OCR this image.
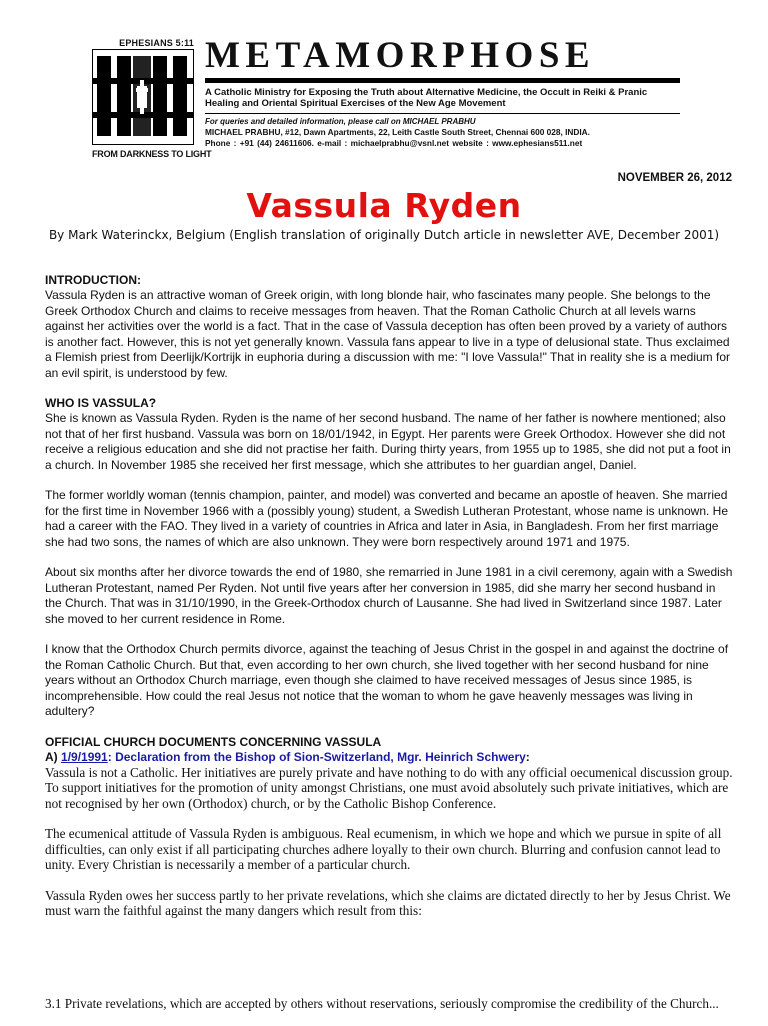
EPHESIANS 5:11
FROM DARKNESS TO LIGHT
METAMORPHOSE
A Catholic Ministry for Exposing the Truth about Alternative Medicine, the Occult in Reiki & Pranic Healing and Oriental Spiritual Exercises of the New Age Movement
For queries and detailed information, please call on MICHAEL PRABHU
MICHAEL PRABHU, #12, Dawn Apartments, 22, Leith Castle South Street, Chennai 600 028, INDIA.
Phone : +91 (44) 24611606. e-mail : michaelprabhu@vsnl.net website : www.ephesians511.net
NOVEMBER 26, 2012
Vassula Ryden
By Mark Waterinckx, Belgium (English translation of originally Dutch article in newsletter AVE, December 2001)
INTRODUCTION:

Vassula Ryden is an attractive woman of Greek origin, with long blonde hair, who fascinates many people. She belongs to the Greek Orthodox Church and claims to receive messages from heaven. That the Roman Catholic Church at all levels warns against her activities over the world is a fact. That in the case of Vassula deception has often been proved by a variety of authors is another fact. However, this is not yet generally known. Vassula fans appear to live in a type of delusional state. Thus exclaimed a Flemish priest from Deerlijk/Kortrijk in euphoria during a discussion with me: "I love Vassula!" That in reality she is a medium for an evil spirit, is understood by few.

WHO IS VASSULA?

She is known as Vassula Ryden. Ryden is the name of her second husband. The name of her father is nowhere mentioned; also not that of her first husband. Vassula was born on 18/01/1942, in Egypt. Her parents were Greek Orthodox. However she did not receive a religious education and she did not practise her faith. During thirty years, from 1955 up to 1985, she did not put a foot in a church. In November 1985 she received her first message, which she attributes to her guardian angel, Daniel.

The former worldly woman (tennis champion, painter, and model) was converted and became an apostle of heaven. She married for the first time in November 1966 with a (possibly young) student, a Swedish Lutheran Protestant, whose name is unknown. He had a career with the FAO. They lived in a variety of countries in Africa and later in Asia, in Bangladesh. From her first marriage she had two sons, the names of which are also unknown. They were born respectively around 1971 and 1975.

About six months after her divorce towards the end of 1980, she remarried in June 1981 in a civil ceremony, again with a Swedish Lutheran Protestant, named Per Ryden. Not until five years after her conversion in 1985, did she marry her second husband in the Church. That was in 31/10/1990, in the Greek-Orthodox church of Lausanne. She had lived in Switzerland since 1987. Later she moved to her current residence in Rome.

I know that the Orthodox Church permits divorce, against the teaching of Jesus Christ in the gospel in and against the doctrine of the Roman Catholic Church. But that, even according to her own church, she lived together with her second husband for nine years without an Orthodox Church marriage, even though she claimed to have received messages of Jesus since 1985, is incomprehensible. How could the real Jesus not notice that the woman to whom he gave heavenly messages was living in adultery?

OFFICIAL CHURCH DOCUMENTS CONCERNING VASSULA
A) 1/9/1991: Declaration from the Bishop of Sion-Switzerland, Mgr. Heinrich Schwery:

Vassula is not a Catholic. Her initiatives are purely private and have nothing to do with any official oecumenical discussion group. To support initiatives for the promotion of unity amongst Christians, one must avoid absolutely such private initiatives, which are not recognised by her own (Orthodox) church, or by the Catholic Bishop Conference.

The ecumenical attitude of Vassula Ryden is ambiguous. Real ecumenism, in which we hope and which we pursue in spite of all difficulties, can only exist if all participating churches adhere loyally to their own church. Blurring and confusion cannot lead to unity. Every Christian is necessarily a member of a particular church.

Vassula Ryden owes her success partly to her private revelations, which she claims are dictated directly to her by Jesus Christ. We must warn the faithful against the many dangers which result from this:

3.1 Private revelations, which are accepted by others without reservations, seriously compromise the credibility of the Church...
